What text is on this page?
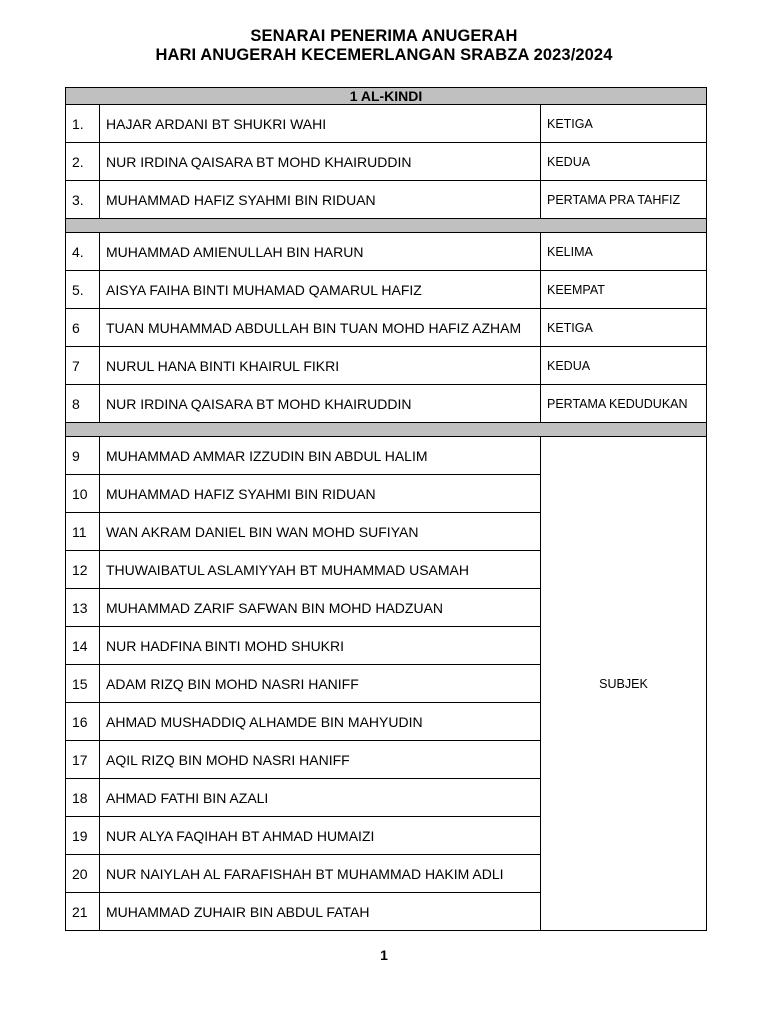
SENARAI PENERIMA ANUGERAH
HARI ANUGERAH KECEMERLANGAN SRABZA 2023/2024
1 AL-KINDI		
1.	HAJAR ARDANI BT SHUKRI WAHI	KETIGA
2.	NUR IRDINA QAISARA BT MOHD KHAIRUDDIN	KEDUA
3.	MUHAMMAD HAFIZ SYAHMI BIN RIDUAN	PERTAMA PRA TAHFIZ

4.	MUHAMMAD AMIENULLAH BIN HARUN	KELIMA
5.	AISYA FAIHA BINTI MUHAMAD QAMARUL HAFIZ	KEEMPAT
6	TUAN MUHAMMAD ABDULLAH BIN TUAN MOHD HAFIZ AZHAM	KETIGA
7	NURUL HANA BINTI KHAIRUL FIKRI	KEDUA
8	NUR IRDINA QAISARA BT MOHD KHAIRUDDIN	PERTAMA KEDUDUKAN

9	MUHAMMAD AMMAR IZZUDIN BIN ABDUL HALIM	SUBJEK
10	MUHAMMAD HAFIZ SYAHMI BIN RIDUAN	
11	WAN AKRAM DANIEL BIN WAN MOHD SUFIYAN	
12	THUWAIBATUL ASLAMIYYAH BT MUHAMMAD USAMAH	
13	MUHAMMAD ZARIF SAFWAN BIN MOHD HADZUAN	
14	NUR HADFINA BINTI MOHD SHUKRI	
15	ADAM RIZQ BIN MOHD NASRI HANIFF	
16	AHMAD MUSHADDIQ ALHAMDE BIN MAHYUDIN	
17	AQIL RIZQ BIN MOHD NASRI HANIFF	
18	AHMAD FATHI BIN AZALI	
19	NUR ALYA FAQIHAH BT AHMAD HUMAIZI	
20	NUR NAIYLAH AL FARAFISHAH BT MUHAMMAD HAKIM ADLI	
21	MUHAMMAD ZUHAIR BIN ABDUL FATAH	
1
